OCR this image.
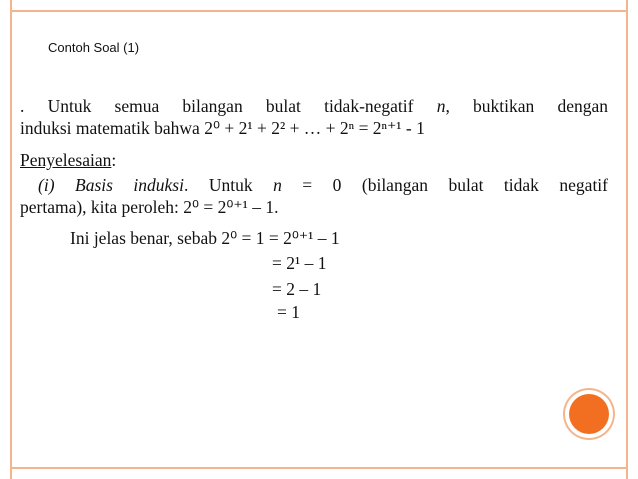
Contoh Soal (1)
. Untuk semua bilangan bulat tidak-negatif n, buktikan dengan
induksi matematik bahwa 2⁰ + 2¹ + 2² + … + 2ⁿ = 2ⁿ⁺¹ - 1
Penyelesaian:
(i) Basis induksi. Untuk n = 0 (bilangan bulat tidak negatif
pertama), kita peroleh: 2⁰ = 2⁰⁺¹ – 1.
Ini jelas benar, sebab 2⁰ = 1 = 2⁰⁺¹ – 1
= 2¹ – 1
= 2 – 1
= 1
